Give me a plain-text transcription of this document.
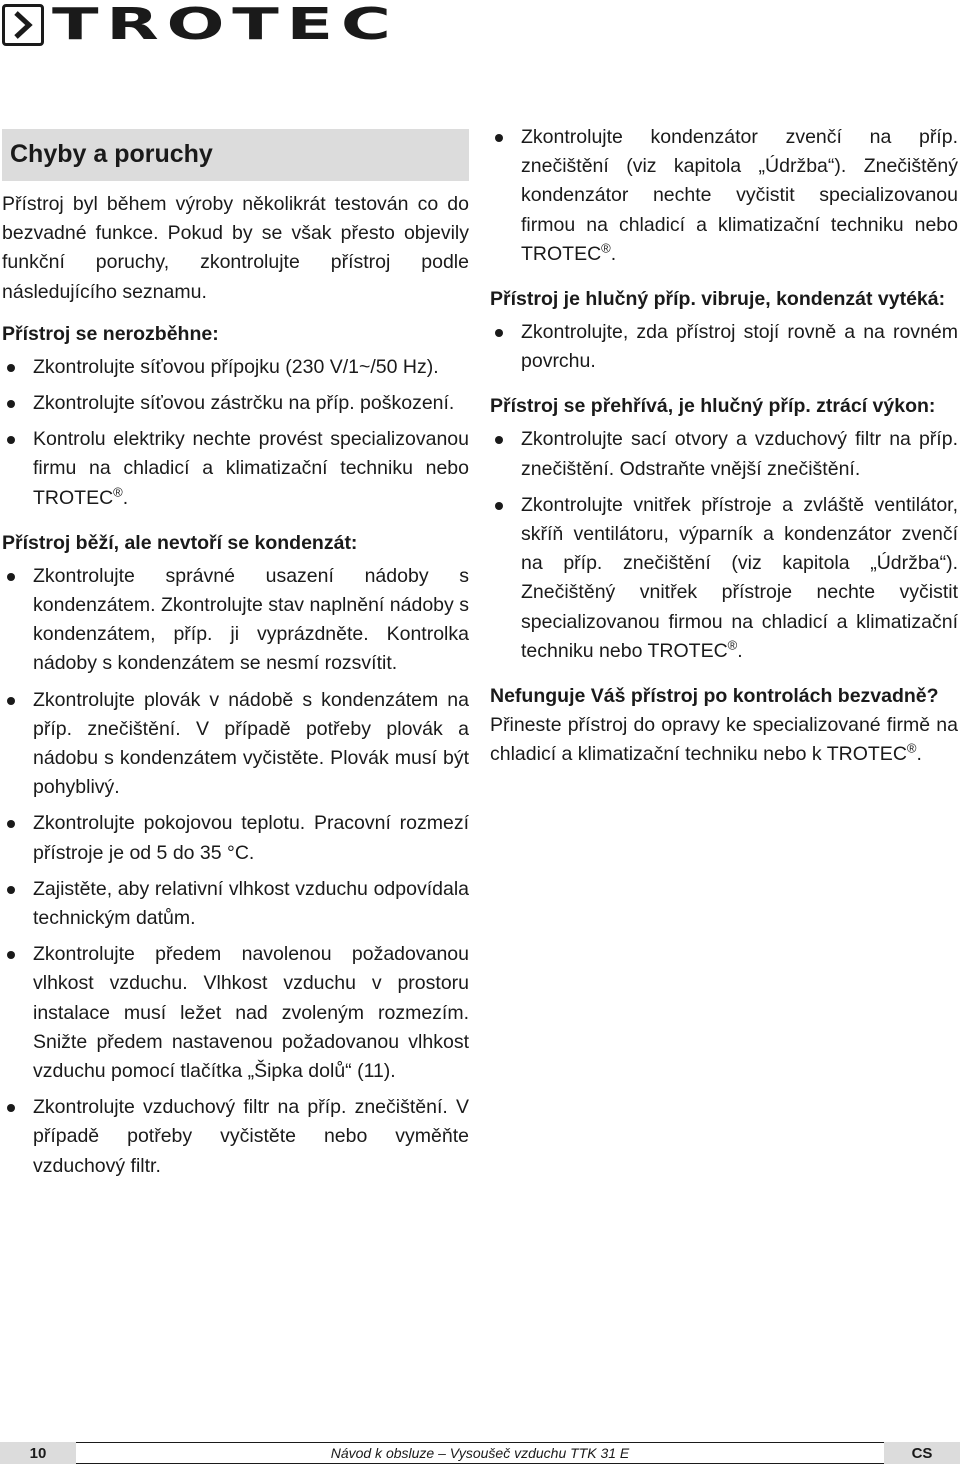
TROTEC
Chyby a poruchy

Přístroj byl během výroby několikrát testován co do bezvadné funkce. Pokud by se však přesto objevily funkční poruchy, zkontrolujte přístroj podle následujícího seznamu.

Přístroj se nerozběhne:
Zkontrolujte síťovou přípojku (230 V/1~/50 Hz).
Zkontrolujte síťovou zástrčku na příp. poškození.
Kontrolu elektriky nechte provést specializovanou firmu na chladicí a klimatizační techniku nebo TROTEC®.
Přístroj běží, ale nevtoří se kondenzát:
Zkontrolujte správné usazení nádoby s kondenzátem. Zkontrolujte stav naplnění nádoby s kondenzátem, příp. ji vyprázdněte. Kontrolka nádoby s kondenzátem se nesmí rozsvítit.
Zkontrolujte plovák v nádobě s kondenzátem na příp. znečištění. V případě potřeby plovák a nádobu s kondenzátem vyčistěte. Plovák musí být pohyblivý.
Zkontrolujte pokojovou teplotu. Pracovní rozmezí přístroje je od 5 do 35 °C.
Zajistěte, aby relativní vlhkost vzduchu odpovídala technickým datům.
Zkontrolujte předem navolenou požadovanou vlhkost vzduchu. Vlhkost vzduchu v prostoru instalace musí ležet nad zvoleným rozmezím. Snižte předem nastavenou požadovanou vlhkost vzduchu pomocí tlačítka „Šipka dolů“ (11).
Zkontrolujte vzduchový filtr na příp. znečištění. V případě potřeby vyčistěte nebo vyměňte vzduchový filtr.
Zkontrolujte kondenzátor zvenčí na příp. znečištění (viz kapitola „Údržba“). Znečištěný kondenzátor nechte vyčistit specializovanou firmou na chladicí a klimatizační techniku nebo TROTEC®.
Přístroj je hlučný příp. vibruje, kondenzát vytéká:
Zkontrolujte, zda přístroj stojí rovně a na rovném povrchu.
Přístroj se přehřívá, je hlučný příp. ztrácí výkon:
Zkontrolujte sací otvory a vzduchový filtr na příp. znečištění. Odstraňte vnější znečištění.
Zkontrolujte vnitřek přístroje a zvláště ventilátor, skříň ventilátoru, výparník a kondenzátor zvenčí na příp. znečištění (viz kapitola „Údržba“). Znečištěný vnitřek přístroje nechte vyčistit specializovanou firmou na chladicí a klimatizační techniku nebo TROTEC®.
Nefunguje Váš přístroj po kontrolách bezvadně?

Přineste přístroj do opravy ke specializované firmě na chladicí a klimatizační techniku nebo k TROTEC®.

10	Návod k obsluze – Vysoušeč vzduchu TTK 31 E	CS
